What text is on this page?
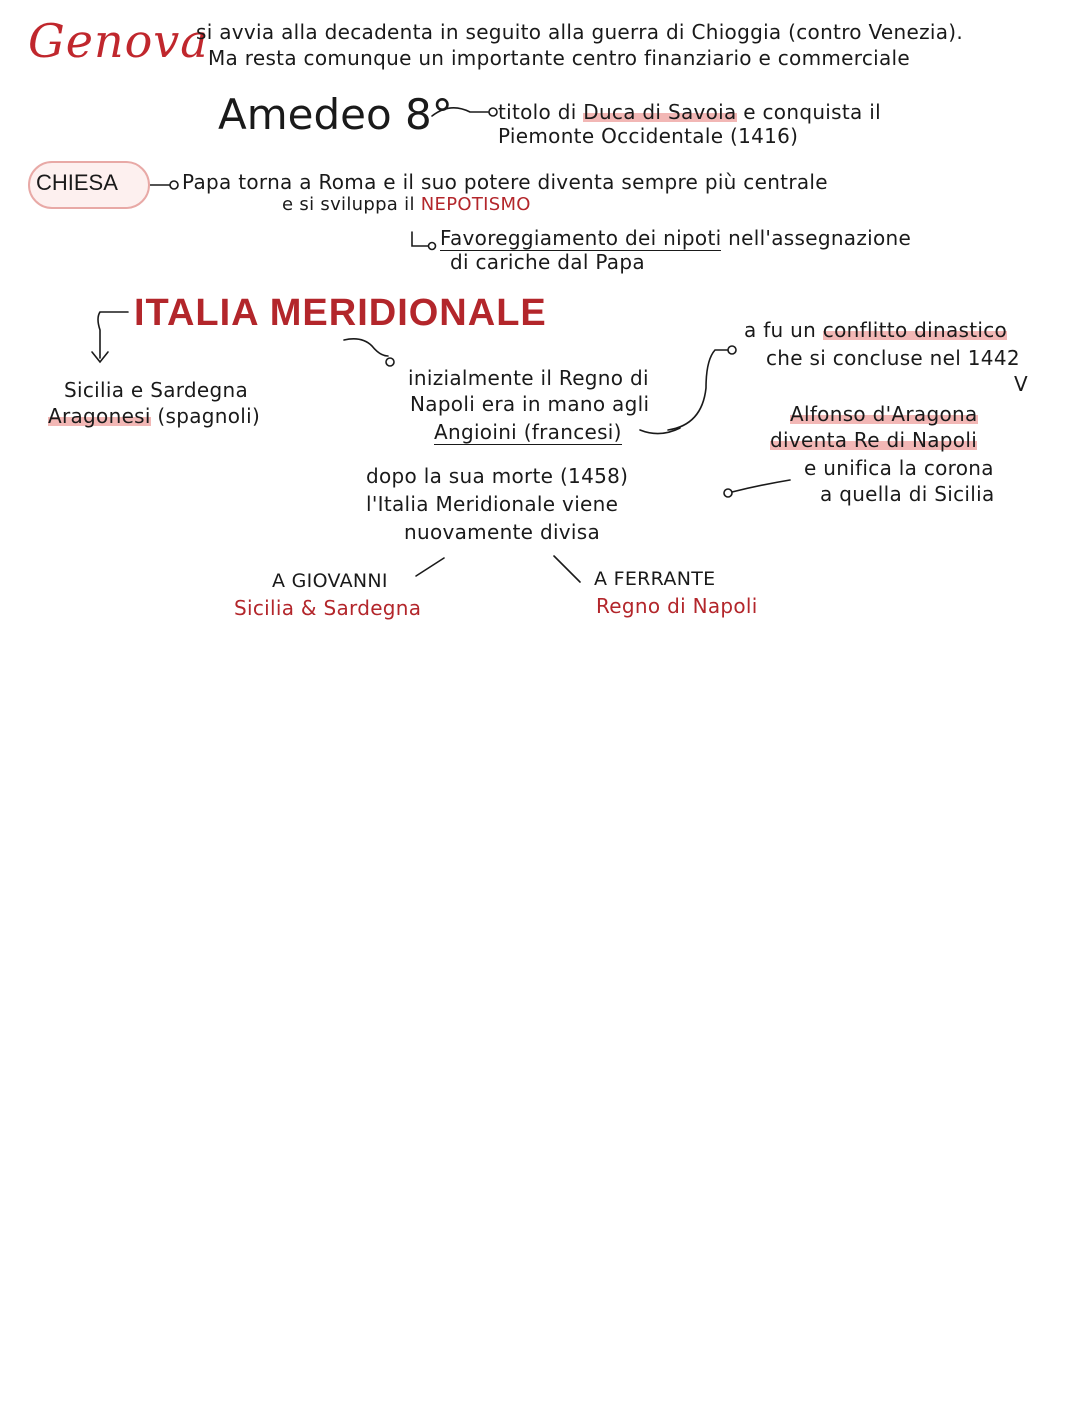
Genova
si avvia alla decadenta in seguito alla guerra di Chioggia (contro Venezia).
Ma resta comunque un importante centro finanziario e commerciale
Amedeo 8° titolo di Duca di Savoia e conquista il
Piemonte Occidentale (1416)
CHIESA	Papa torna a Roma e il suo potere diventa sempre più centrale
e si sviluppa il NEPOTISMO
Favoreggiamento dei nipoti nell'assegnazione
di cariche dal Papa
ITALIA MERIDIONALE
Sicilia e Sardegna
Aragonesi (spagnoli)
inizialmente il Regno di
Napoli era in mano agli
Angioini (francesi)
a fu un conflitto dinastico
che si concluse nel 1442
V
Alfonso d'Aragona
diventa Re di Napoli
e unifica la corona
a quella di Sicilia
dopo la sua morte (1458)
l'Italia Meridionale viene
nuovamente divisa
A GIOVANNI
Sicilia & Sardegna
A FERRANTE
Regno di Napoli
